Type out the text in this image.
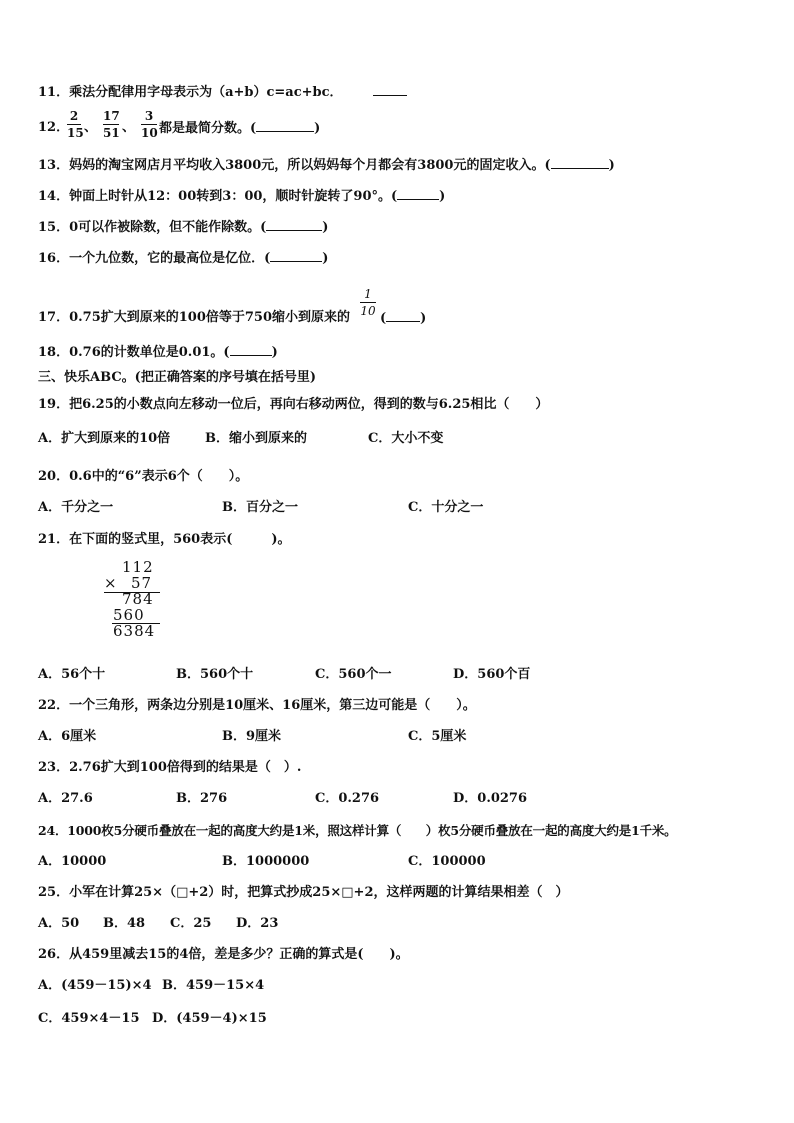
11．乘法分配律用字母表示为（a+b）c=ac+bc．
12．
2
15 、
17
51 、
3
10 都是最简分数。(	)
13．妈妈的淘宝网店月平均收入3800元，所以妈妈每个月都会有3800元的固定收入。(	)
14．钟面上时针从12：00转到3：00，顺时针旋转了90°。(	)
15．0可以作被除数，但不能作除数。(	)
16．一个九位数，它的最高位是亿位．(	)
17．0.75扩大到原来的100倍等于750缩小到原来的
1
10 (	)
18．0.76的计数单位是0.01。(	)
三、快乐ABC。(把正确答案的序号填在括号里)
19．把6.25的小数点向左移动一位后，再向右移动两位，得到的数与6.25相比（　　）
A．扩大到原来的10倍	B．缩小到原来的	C．大小不变
20．0.6中的“6”表示6个（　　）。
A．千分之一	B．百分之一	C．十分之一
21．在下面的竖式里，560表示(　　　)。
112
× 57
784
560
6384
A．56个十	B．560个十	C．560个一	D．560个百
22．一个三角形，两条边分别是10厘米、16厘米，第三边可能是（　　）。
A．6厘米	B．9厘米	C．5厘米
23．2.76扩大到100倍得到的结果是（　）.
A．27.6	B．276	C．0.276	D．0.0276
24．1000枚5分硬币叠放在一起的高度大约是1米，照这样计算（　　）枚5分硬币叠放在一起的高度大约是1千米。
A．10000	B．1000000	C．100000
25．小军在计算25×（□+2）时，把算式抄成25×□+2，这样两题的计算结果相差（　）
A．50 B．48 C．25 D．23
26．从459里减去15的4倍，差是多少？正确的算式是(　　)。
A．(459－15)×4 B．459－15×4
C．459×4－15 D．(459－4)×15
